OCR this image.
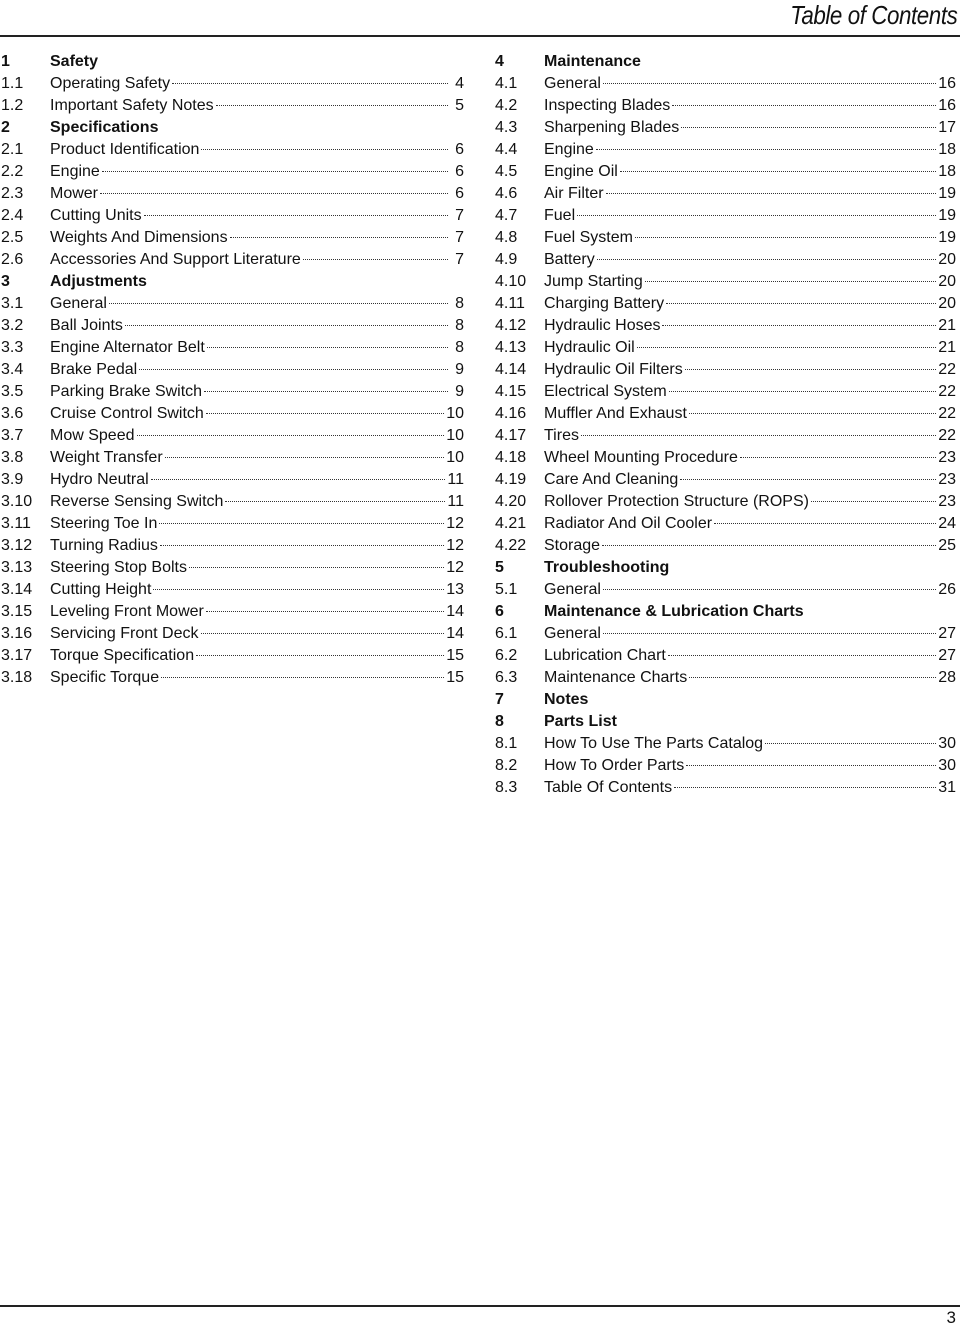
Table of Contents
1	Safety
1.1	Operating Safety	4
1.2	Important Safety Notes	5
2	Specifications
2.1	Product Identification	6
2.2	Engine	6
2.3	Mower	6
2.4	Cutting Units	7
2.5	Weights And Dimensions	7
2.6	Accessories And Support Literature	7
3	Adjustments
3.1	General	8
3.2	Ball Joints	8
3.3	Engine Alternator Belt	8
3.4	Brake Pedal	9
3.5	Parking Brake Switch	9
3.6	Cruise Control Switch	10
3.7	Mow Speed	10
3.8	Weight Transfer	10
3.9	Hydro Neutral	11
3.10	Reverse Sensing Switch	11
3.11	Steering Toe In	12
3.12	Turning Radius	12
3.13	Steering Stop Bolts	12
3.14	Cutting Height	13
3.15	Leveling Front Mower	14
3.16	Servicing Front Deck	14
3.17	Torque Specification	15
3.18	Specific Torque	15
4	Maintenance
4.1	General	16
4.2	Inspecting Blades	16
4.3	Sharpening Blades	17
4.4	Engine	18
4.5	Engine Oil	18
4.6	Air Filter	19
4.7	Fuel	19
4.8	Fuel System	19
4.9	Battery	20
4.10	Jump Starting	20
4.11	Charging Battery	20
4.12	Hydraulic Hoses	21
4.13	Hydraulic Oil	21
4.14	Hydraulic Oil Filters	22
4.15	Electrical System	22
4.16	Muffler And Exhaust	22
4.17	Tires	22
4.18	Wheel Mounting Procedure	23
4.19	Care And Cleaning	23
4.20	Rollover Protection Structure (ROPS)	23
4.21	Radiator And Oil Cooler	24
4.22	Storage	25
5	Troubleshooting
5.1	General	26
6	Maintenance & Lubrication Charts
6.1	General	27
6.2	Lubrication Chart	27
6.3	Maintenance Charts	28
7	Notes
8	Parts List
8.1	How To Use The Parts Catalog	30
8.2	How To Order Parts	30
8.3	Table Of Contents	31
3
